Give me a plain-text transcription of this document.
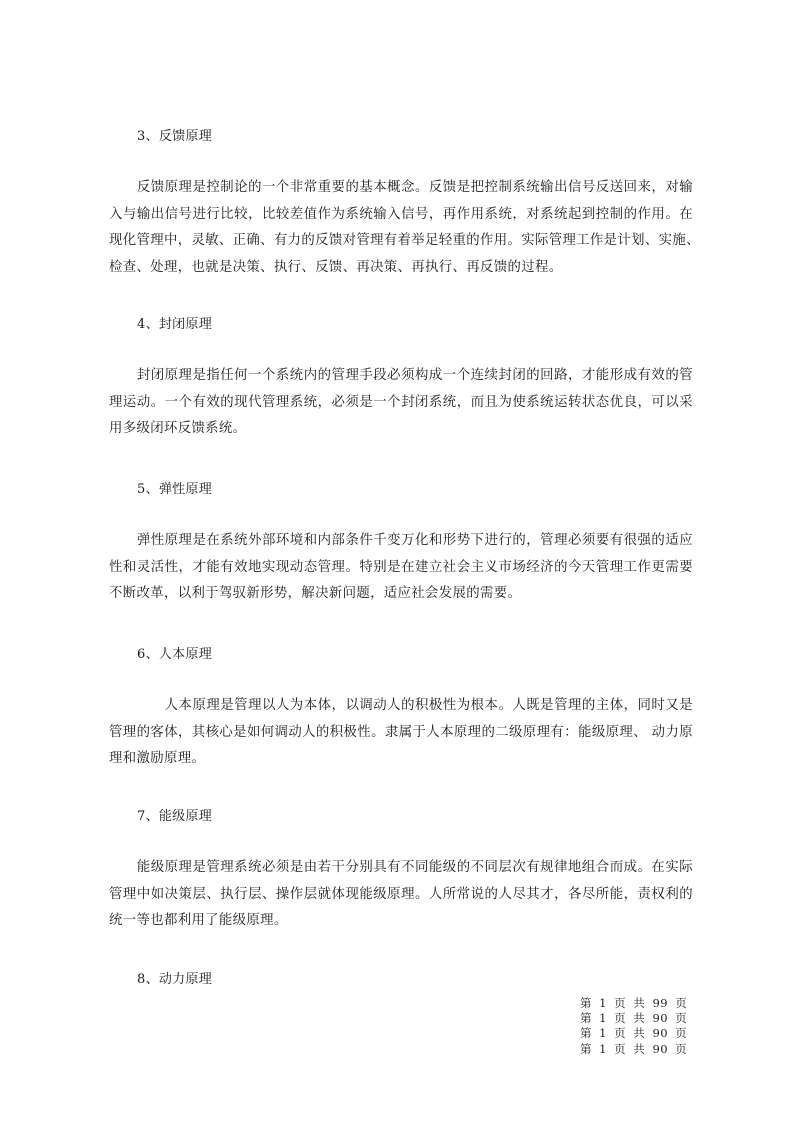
3、反馈原理
　　反馈原理是控制论的一个非常重要的基本概念。反馈是把控制系统输出信号反送回来，对输
入与输出信号进行比较，比较差值作为系统输入信号，再作用系统，对系统起到控制的作用。在
现化管理中，灵敏、正确、有力的反馈对管理有着举足轻重的作用。实际管理工作是计划、实施、
检查、处理，也就是决策、执行、反馈、再决策、再执行、再反馈的过程。
4、封闭原理
　　封闭原理是指任何一个系统内的管理手段必须构成一个连续封闭的回路，才能形成有效的管
理运动。一个有效的现代管理系统，必须是一个封闭系统，而且为使系统运转状态优良，可以采
用多级闭环反馈系统。
5、弹性原理
　　弹性原理是在系统外部环境和内部条件千变万化和形势下进行的，管理必须要有很强的适应
性和灵活性，才能有效地实现动态管理。特别是在建立社会主义市场经济的今天管理工作更需要
不断改革，以利于驾驭新形势，解决新问题，适应社会发展的需要。
6、人本原理
　　　　人本原理是管理以人为本体，以调动人的积极性为根本。人既是管理的主体，同时又是
管理的客体，其核心是如何调动人的积极性。隶属于人本原理的二级原理有：能级原理、 动力原
理和激励原理。
7、能级原理
　　能级原理是管理系统必须是由若干分别具有不同能级的不同层次有规律地组合而成。在实际
管理中如决策层、执行层、操作层就体现能级原理。人所常说的人尽其才，各尽所能，责权利的
统一等也都利用了能级原理。
8、动力原理
第 1 页 共 99 页
第 1 页 共 90 页
第 1 页 共 90 页
第 1 页 共 90 页
